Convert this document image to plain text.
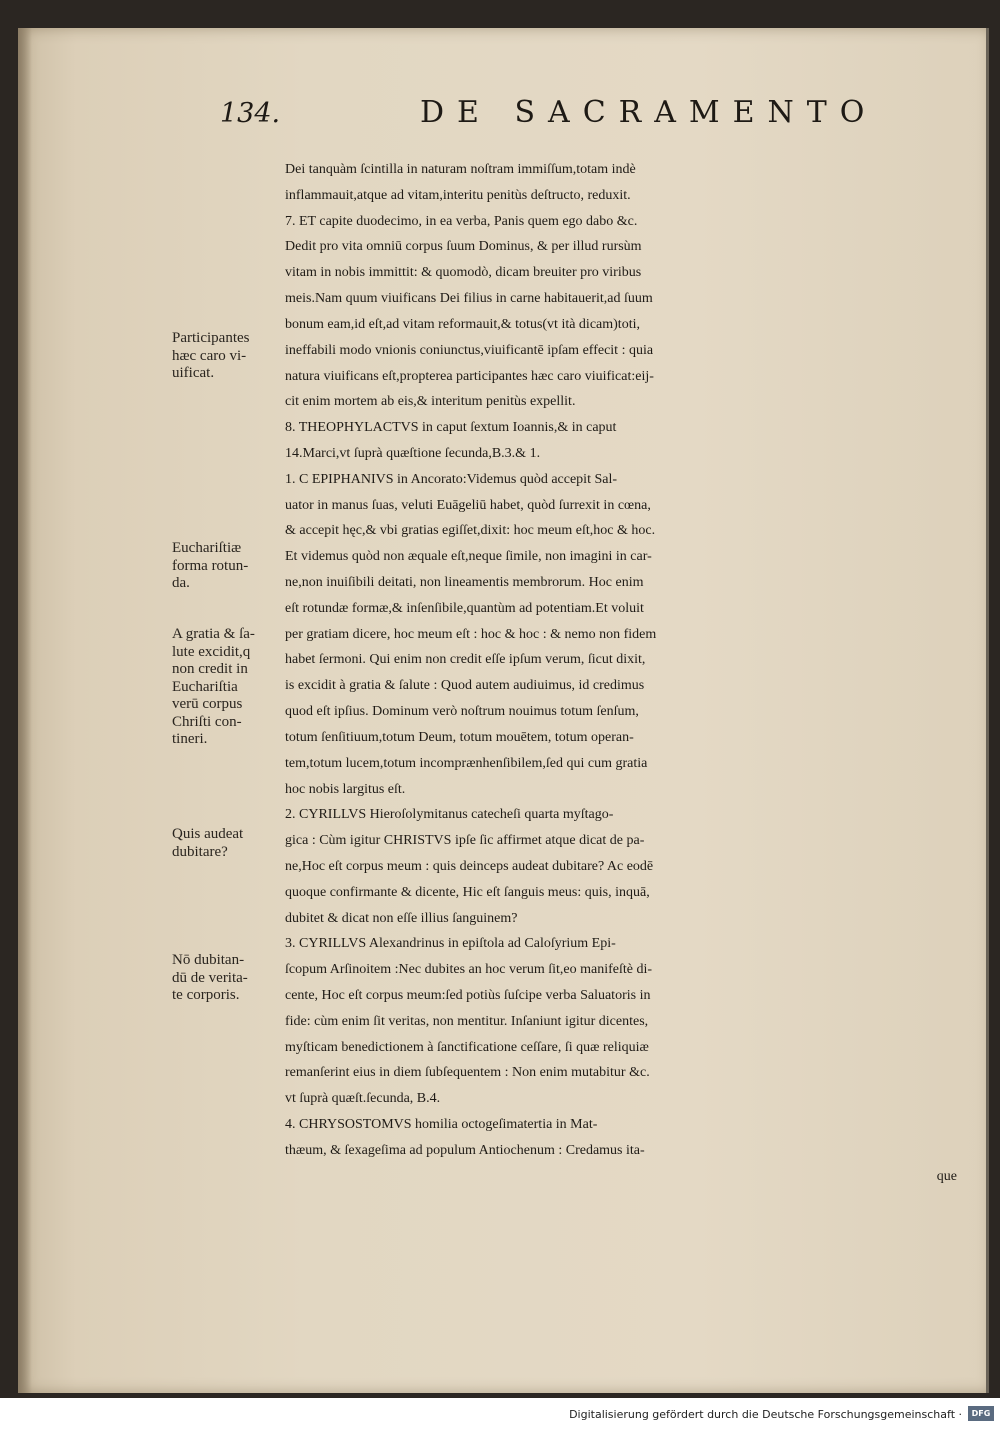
134.	DE SACRAMENTO
Dei tanquàm ſcintilla in naturam noſtram immiſſum,totam indè
inflammauit,atque ad vitam,interitu penitùs deſtructo, reduxit.
7. ET capite duodecimo, in ea verba, Panis quem ego dabo &c.
Dedit pro vita omniū corpus ſuum Dominus, & per illud rursùm
vitam in nobis immittit: & quomodò, dicam breuiter pro viribus
meis.Nam quum viuificans Dei filius in carne habitauerit,ad ſuum
bonum eam,id eſt,ad vitam reformauit,& totus(vt ità dicam)toti,
ineffabili modo vnionis coniunctus,viuificantē ipſam effecit : quia
natura viuificans eſt,propterea participantes hæc caro viuificat:eij-
cit enim mortem ab eis,& interitum penitùs expellit.
8. THEOPHYLACTVS in caput ſextum Ioannis,& in caput
14.Marci,vt ſuprà quæſtione ſecunda,B.3.& 1.
1. C EPIPHANIVS in Ancorato:Videmus quòd accepit Sal-
uator in manus ſuas, veluti Euāgeliū habet, quòd ſurrexit in cœna,
& accepit hęc,& vbi gratias egiſſet,dixit: hoc meum eſt,hoc & hoc.
Et videmus quòd non æquale eſt,neque ſimile, non imagini in car-
ne,non inuiſibili deitati, non lineamentis membrorum. Hoc enim
eſt rotundæ formæ,& inſenſibile,quantùm ad potentiam.Et voluit
per gratiam dicere, hoc meum eſt : hoc & hoc : & nemo non fidem
habet ſermoni. Qui enim non credit eſſe ipſum verum, ſicut dixit,
is excidit à gratia & ſalute : Quod autem audiuimus, id credimus
quod eſt ipſius. Dominum verò noſtrum nouimus totum ſenſum,
totum ſenſitiuum,totum Deum, totum mouētem, totum operan-
tem,totum lucem,totum incomprænhenſibilem,ſed qui cum gratia
hoc nobis largitus eſt.
2. CYRILLVS Hieroſolymitanus catecheſi quarta myſtago-
gica : Cùm igitur CHRISTVS ipſe ſic affirmet atque dicat de pa-
ne,Hoc eſt corpus meum : quis deinceps audeat dubitare? Ac eodē
quoque confirmante & dicente, Hic eſt ſanguis meus: quis, inquā,
dubitet & dicat non eſſe illius ſanguinem?
3. CYRILLVS Alexandrinus in epiſtola ad Caloſyrium Epi-
ſcopum Arſinoitem :Nec dubites an hoc verum ſit,eo manifeſtè di-
cente, Hoc eſt corpus meum:ſed potiùs ſuſcipe verba Saluatoris in
fide: cùm enim ſit veritas, non mentitur. Inſaniunt igitur dicentes,
myſticam benedictionem à ſanctificatione ceſſare, ſi quæ reliquiæ
remanſerint eius in diem ſubſequentem : Non enim mutabitur &c.
vt ſuprà quæſt.ſecunda, B.4.
4. CHRYSOSTOMVS homilia octogeſimatertia in Mat-
thæum, & ſexageſima ad populum Antiochenum : Credamus ita-
que
Participantes
hæc caro vi-
uificat.
Euchariſtiæ
forma rotun-
da.
A gratia & ſa-
lute excidit,q
non credit in
Euchariſtia
verū corpus
Chriſti con-
tineri.
Quis audeat
dubitare?
Nō dubitan-
dū de verita-
te corporis.
Digitalisierung gefördert durch die Deutsche Forschungsgemeinschaft ·	DFG
